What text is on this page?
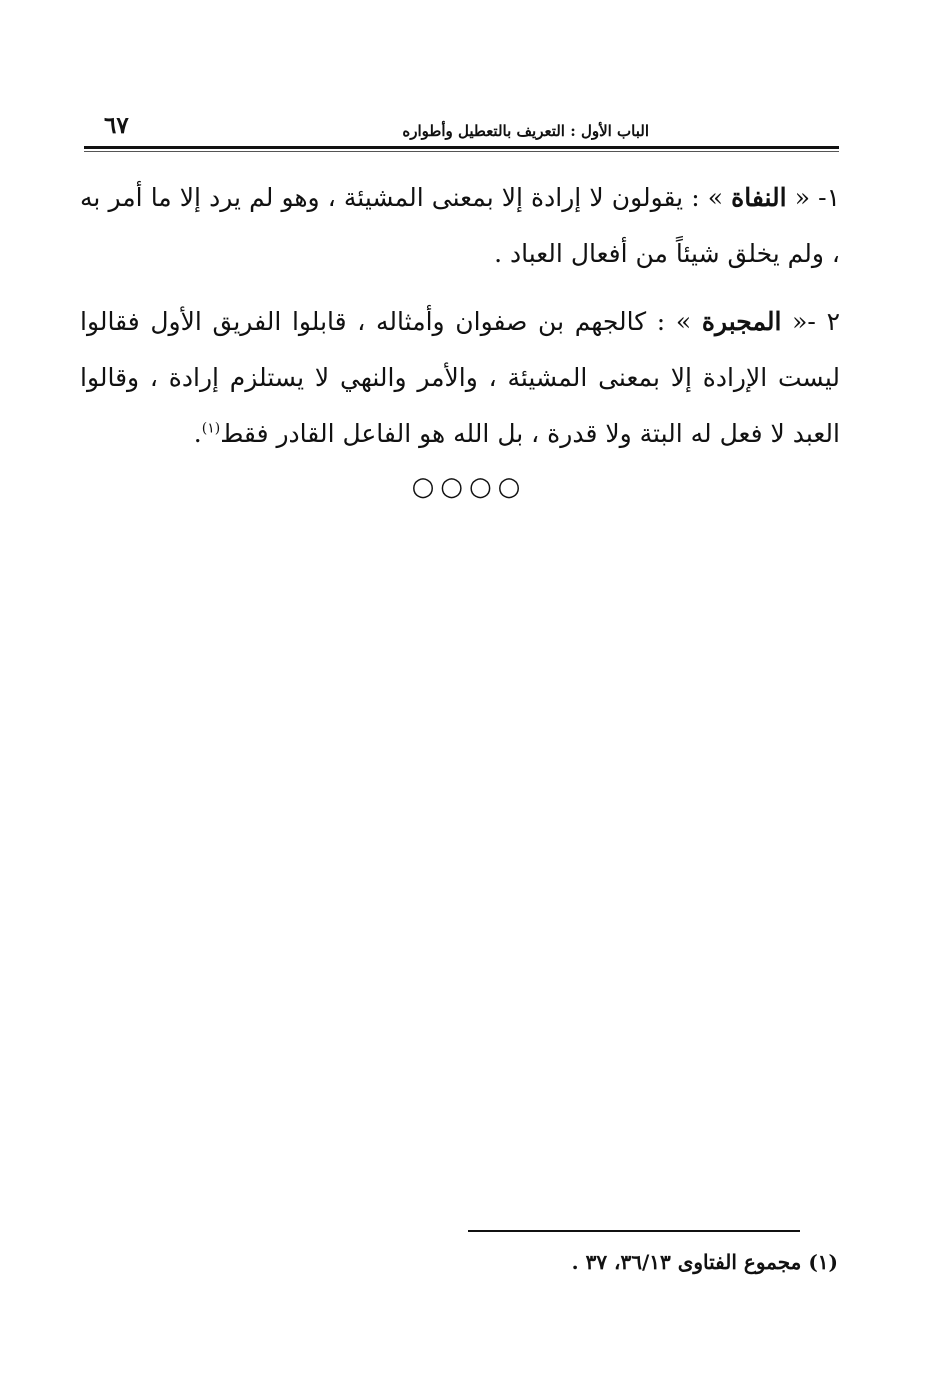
الباب الأول : التعريف بالتعطيل وأطواره
٦٧

١- « النفاة » : يقولون لا إرادة إلا بمعنى المشيئة ، وهو لم يرد إلا ما أمر به ، ولم يخلق شيئاً من أفعال العباد .

٢ -« المجبرة » : كالجهم بن صفوان وأمثاله ، قابلوا الفريق الأول فقالوا ليست الإرادة إلا بمعنى المشيئة ، والأمر والنهي لا يستلزم إرادة ، وقالوا العبد لا فعل له البتة ولا قدرة ، بل الله هو الفاعل القادر فقط$^{(١)}$.

○○○○
(١) مجموع الفتاوى ٣٦/١٣، ٣٧ .
